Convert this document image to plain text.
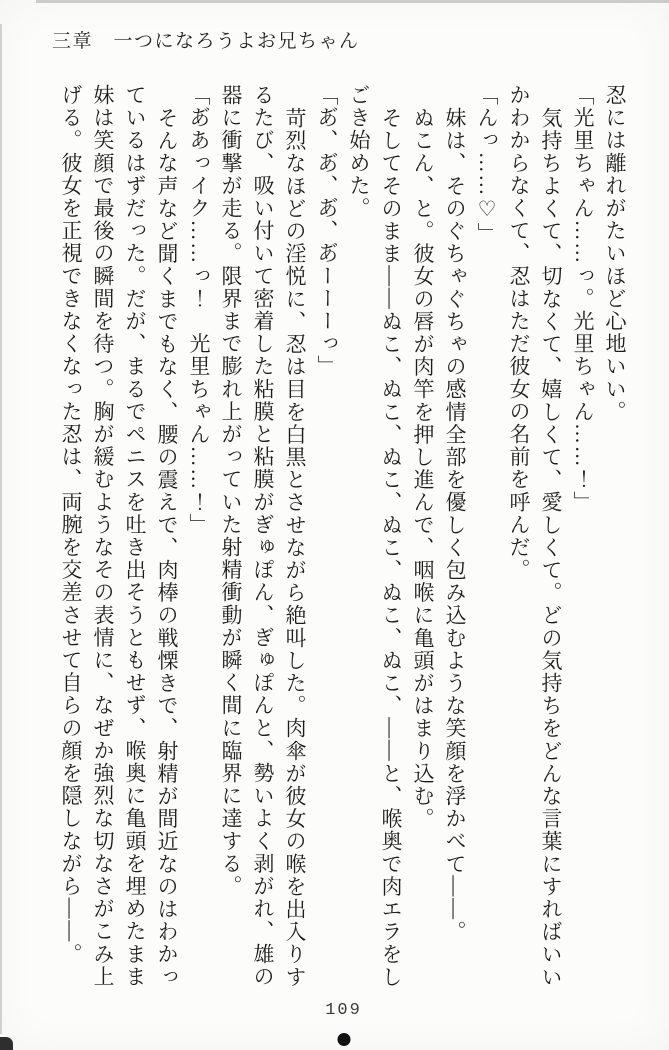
三章　一つになろうよお兄ちゃん

忍には離れがたいほど心地いい。

「光里ちゃん……っ。光里ちゃん……！」

気持ちよくて、切なくて、嬉しくて、愛しくて。どの気持ちをどんな言葉にすればいい

かわからなくて、忍はただ彼女の名前を呼んだ。

「んっ……♡」

妹は、そのぐちゃぐちゃの感情全部を優しく包み込むような笑顔を浮かべて――。

ぬこん、と。彼女の唇が肉竿を押し進んで、咽喉に亀頭がはまり込む。

そしてそのまま――ぬこ、ぬこ、ぬこ、ぬこ、ぬこ、ぬこ、――と、喉奥で肉エラをし

ごき始めた。

「あ゙、あ゙、あ゙、あ゙ーーーっ」

苛烈なほどの淫悦に、忍は目を白黒とさせながら絶叫した。肉傘が彼女の喉を出入りす

るたび、吸い付いて密着した粘膜と粘膜がぎゅぽん、ぎゅぽんと、勢いよく剥がれ、雄の

器に衝撃が走る。限界まで膨れ上がっていた射精衝動が瞬く間に臨界に達する。

「あ゙あっイク……っ！　光里ちゃん……！」

そんな声など聞くまでもなく、腰の震えで、肉棒の戦慄きで、射精が間近なのはわかっ

ているはずだった。だが、まるでペニスを吐き出そうともせず、喉奥に亀頭を埋めたまま

妹は笑顔で最後の瞬間を待つ。胸が緩むようなその表情に、なぜか強烈な切なさがこみ上

げる。彼女を正視できなくなった忍は、両腕を交差させて自らの顔を隠しながら――。

109
